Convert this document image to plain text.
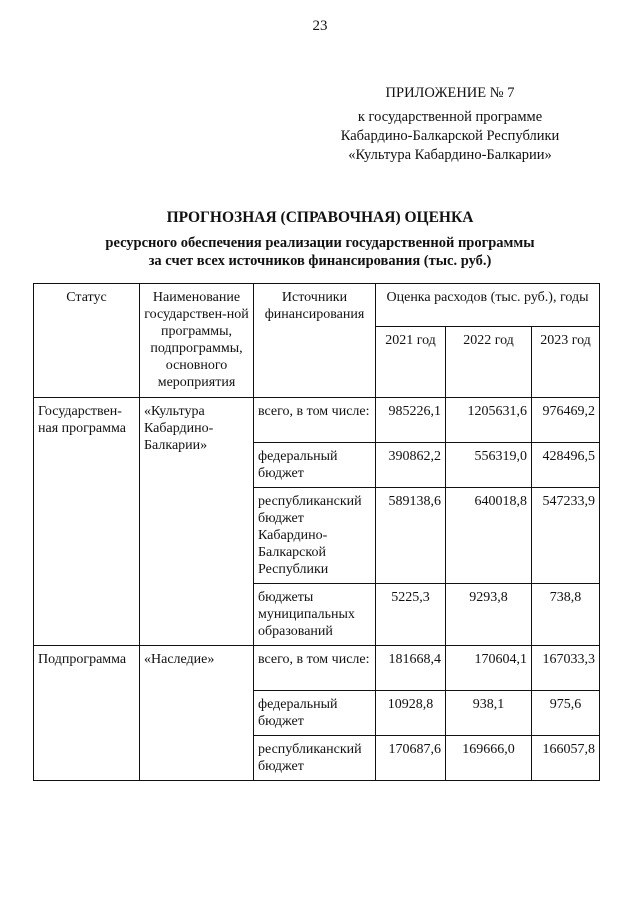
23
ПРИЛОЖЕНИЕ № 7
к государственной программе
Кабардино-Балкарской Республики
«Культура Кабардино-Балкарии»
ПРОГНОЗНАЯ (СПРАВОЧНАЯ) ОЦЕНКА
ресурсного обеспечения реализации государственной программы
за счет всех источников финансирования (тыс. руб.)
Статус	Наименование государствен-ной программы, подпрограммы, основного мероприятия	Источники финансирования	Оценка расходов (тыс. руб.), годы		
			2021 год	2022 год	2023 год
Государствен-ная программа	«Культура Кабардино-Балкарии»	всего, в том числе:	985226,1	1205631,6	976469,2
		федеральный бюджет	390862,2	556319,0	428496,5
		республиканский бюджет Кабардино-Балкарской Республики	589138,6	640018,8	547233,9
		бюджеты муниципальных образований	5225,3	9293,8	738,8
Подпрограмма	«Наследие»	всего, в том числе:	181668,4	170604,1	167033,3
		федеральный бюджет	10928,8	938,1	975,6
		республиканский бюджет	170687,6	169666,0	166057,8
